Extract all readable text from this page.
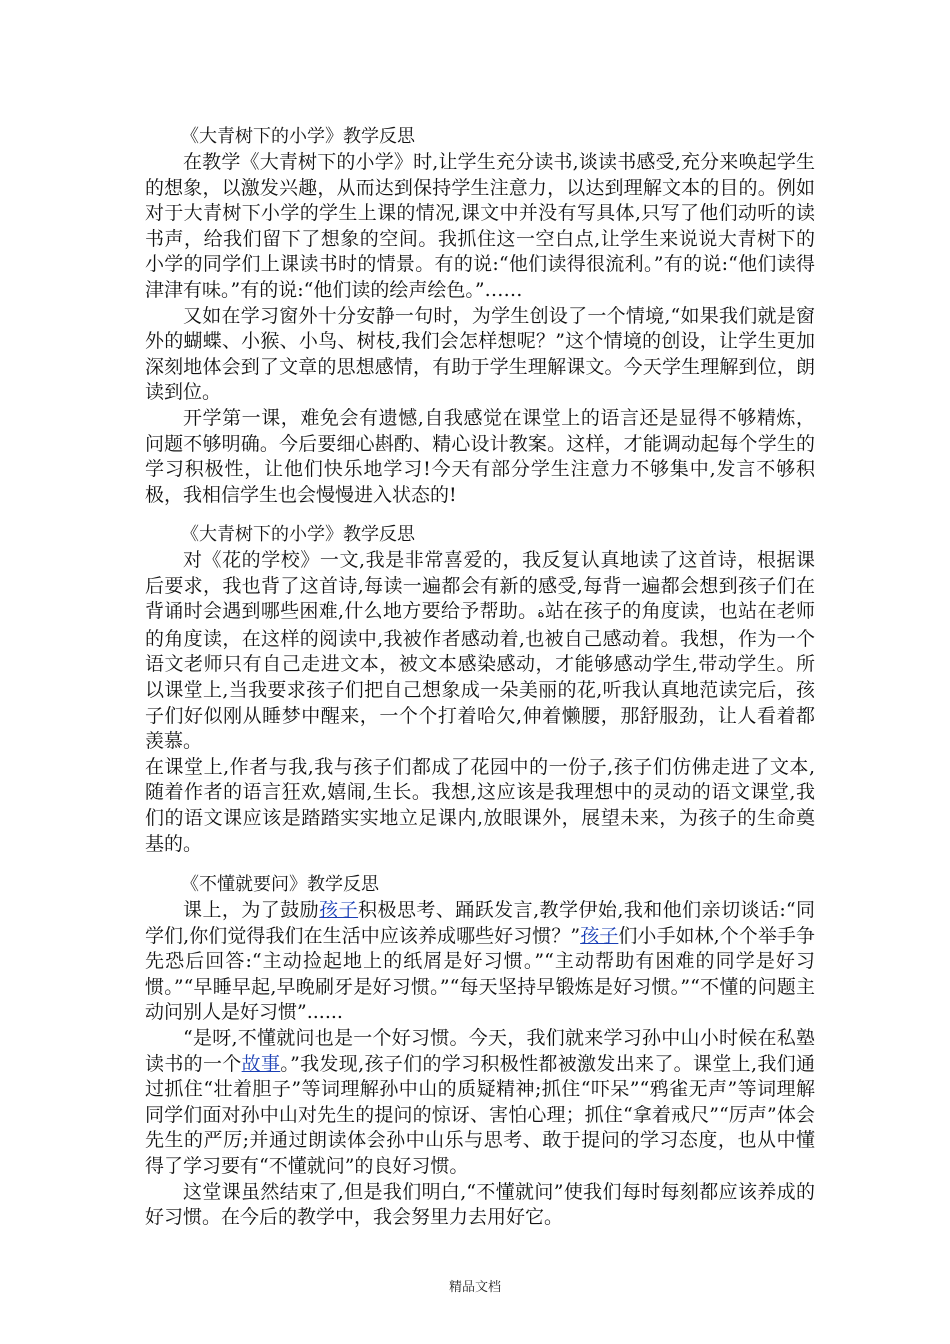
《大青树下的小学》教学反思

在教学《大青树下的小学》时,让学生充分读书,谈读书感受,充分来唤起学生的想象，以激发兴趣，从而达到保持学生注意力，以达到理解文本的目的。例如对于大青树下小学的学生上课的情况,课文中并没有写具体,只写了他们动听的读书声，给我们留下了想象的空间。我抓住这一空白点,让学生来说说大青树下的小学的同学们上课读书时的情景。有的说:“他们读得很流利。”有的说:“他们读得津津有味。”有的说:“他们读的绘声绘色。”……

又如在学习窗外十分安静一句时，为学生创设了一个情境,“如果我们就是窗外的蝴蝶、小猴、小鸟、树枝,我们会怎样想呢？”这个情境的创设，让学生更加深刻地体会到了文章的思想感情，有助于学生理解课文。今天学生理解到位，朗读到位。

开学第一课，难免会有遗憾,自我感觉在课堂上的语言还是显得不够精炼，问题不够明确。今后要细心斟酌、精心设计教案。这样，才能调动起每个学生的学习积极性，让他们快乐地学习!今天有部分学生注意力不够集中,发言不够积极，我相信学生也会慢慢进入状态的!

《大青树下的小学》教学反思

对《花的学校》一文,我是非常喜爱的，我反复认真地读了这首诗，根据课后要求，我也背了这首诗,每读一遍都会有新的感受,每背一遍都会想到孩子们在背诵时会遇到哪些困难,什么地方要给予帮助。ة站在孩子的角度读，也站在老师的角度读，在这样的阅读中,我被作者感动着,也被自己感动着。我想，作为一个语文老师只有自己走进文本，被文本感染感动，才能够感动学生,带动学生。所以课堂上,当我要求孩子们把自己想象成一朵美丽的花,听我认真地范读完后，孩子们好似刚从睡梦中醒来，一个个打着哈欠,伸着懒腰，那舒服劲，让人看着都羡慕。

在课堂上,作者与我,我与孩子们都成了花园中的一份子,孩子们仿佛走进了文本,随着作者的语言狂欢,嬉闹,生长。我想,这应该是我理想中的灵动的语文课堂,我们的语文课应该是踏踏实实地立足课内,放眼课外，展望未来，为孩子的生命奠基的。

《不懂就要问》教学反思

课上，为了鼓励孩子积极思考、踊跃发言,教学伊始,我和他们亲切谈话:“同学们,你们觉得我们在生活中应该养成哪些好习惯？”孩子们小手如林,个个举手争先恐后回答:“主动捡起地上的纸屑是好习惯。”“主动帮助有困难的同学是好习惯。”“早睡早起,早晚刷牙是好习惯。”“每天坚持早锻炼是好习惯。”“不懂的问题主动问别人是好习惯”......

“是呀,不懂就问也是一个好习惯。今天，我们就来学习孙中山小时候在私塾读书的一个故事。”我发现,孩子们的学习积极性都被激发出来了。课堂上,我们通过抓住“壮着胆子”等词理解孙中山的质疑精神;抓住“吓呆”“鸦雀无声”等词理解同学们面对孙中山对先生的提问的惊讶、害怕心理；抓住“拿着戒尺”“厉声”体会先生的严厉;并通过朗读体会孙中山乐与思考、敢于提问的学习态度，也从中懂得了学习要有“不懂就问”的良好习惯。

这堂课虽然结束了,但是我们明白,“不懂就问”使我们每时每刻都应该养成的好习惯。在今后的教学中，我会努里力去用好它。

精品文档
